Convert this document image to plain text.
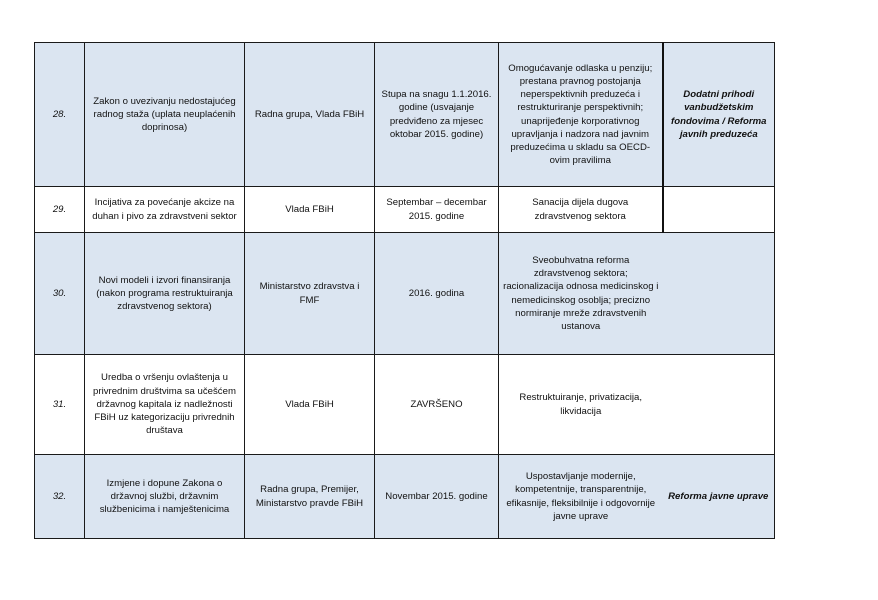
28.	Zakon o uvezivanju nedostajućeg radnog staža (uplata neuplaćenih doprinosa)	Radna grupa, Vlada FBiH	Stupa na snagu 1.1.2016. godine (usvajanje predviđeno za mjesec oktobar 2015. godine)	Omogućavanje odlaska u penziju; prestana pravnog postojanja neperspektivnih preduzeća i restrukturiranje perspektivnih; unaprijeđenje korporativnog upravljanja i nadzora nad javnim preduzećima u skladu sa OECD-ovim pravilima	Dodatni prihodi vanbudžetskim fondovima / Reforma javnih preduzeća
29.	Incijativa za povećanje akcize na duhan i pivo za zdravstveni sektor	Vlada FBiH	Septembar – decembar 2015. godine	Sanacija dijela dugova zdravstvenog sektora	
30.	Novi modeli i izvori finansiranja (nakon programa restruktuiranja zdravstvenog sektora)	Ministarstvo zdravstva i FMF	2016. godina	Sveobuhvatna reforma zdravstvenog sektora; racionalizacija odnosa medicinskog i nemedicinskog osoblja; precizno normiranje mreže zdravstvenih ustanova	
31.	Uredba o vršenju ovlaštenja u privrednim društvima sa učešćem državnog kapitala iz nadležnosti FBiH uz kategorizaciju privrednih društava	Vlada FBiH	ZAVRŠENO	Restruktuiranje, privatizacija, likvidacija	
32.	Izmjene i dopune Zakona o državnoj službi, državnim službenicima i namještenicima	Radna grupa, Premijer, Ministarstvo pravde FBiH	Novembar 2015. godine	Uspostavljanje modernije, kompetentnije, transparentnije, efikasnije, fleksibilnije i odgovornije javne uprave	Reforma javne uprave
